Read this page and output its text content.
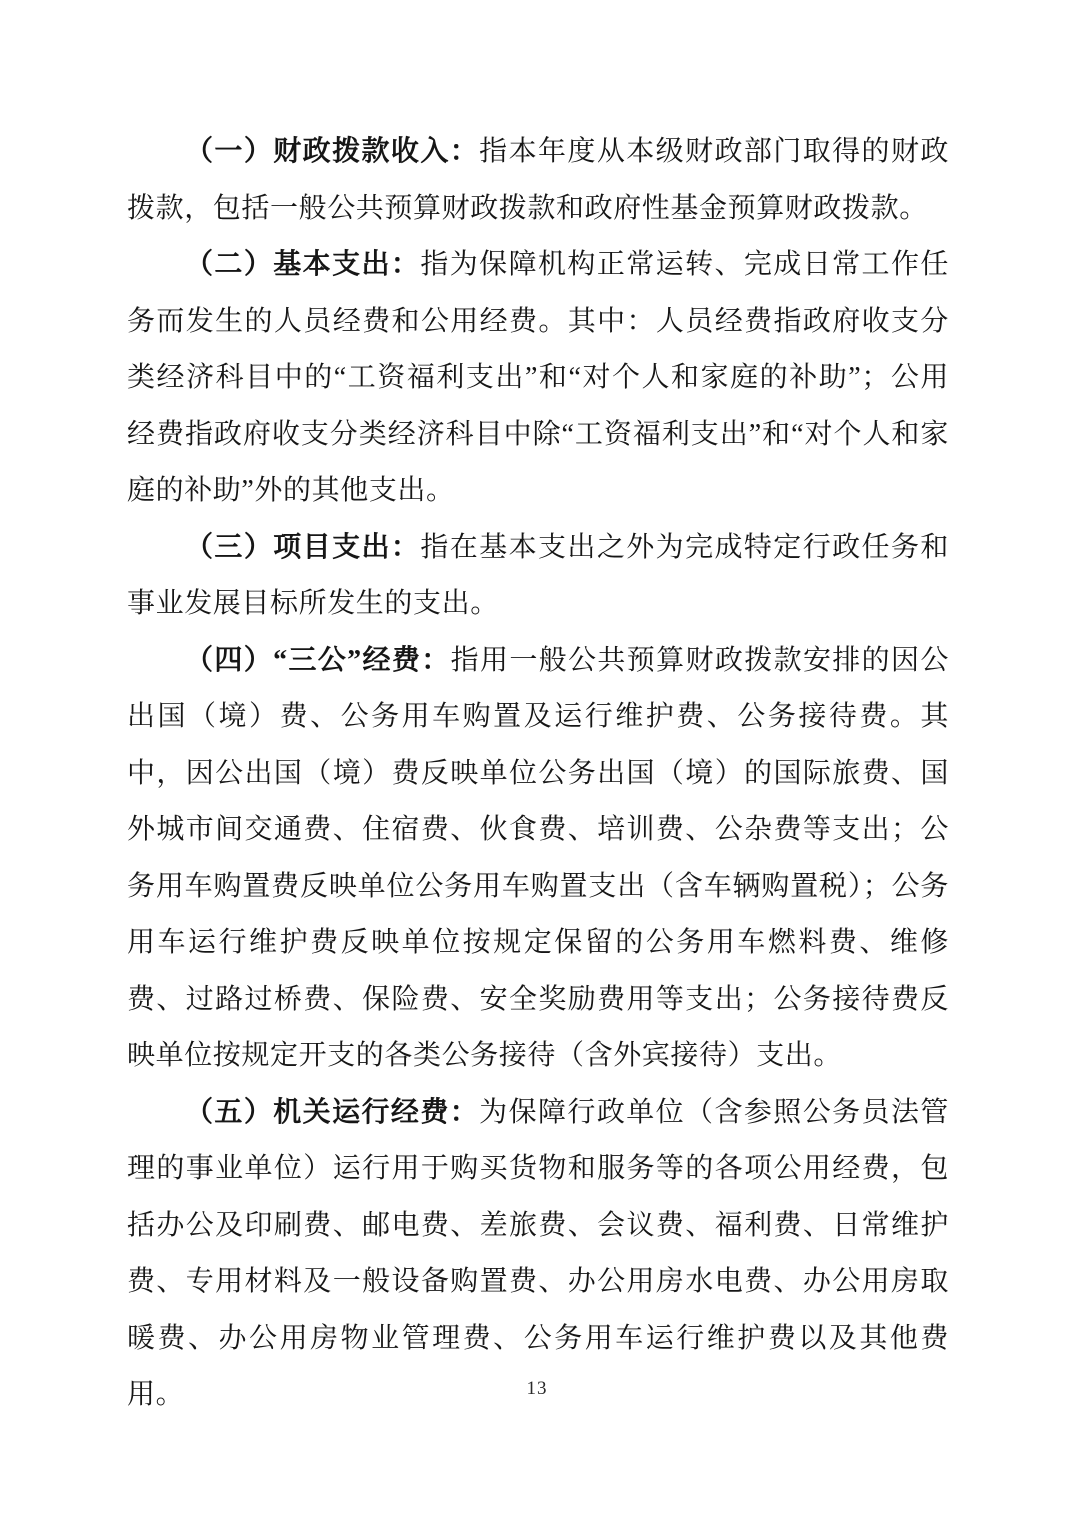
（一）财政拨款收入：指本年度从本级财政部门取得的财政拨款，包括一般公共预算财政拨款和政府性基金预算财政拨款。

（二）基本支出：指为保障机构正常运转、完成日常工作任务而发生的人员经费和公用经费。其中：人员经费指政府收支分类经济科目中的“工资福利支出”和“对个人和家庭的补助”；公用经费指政府收支分类经济科目中除“工资福利支出”和“对个人和家庭的补助”外的其他支出。

（三）项目支出：指在基本支出之外为完成特定行政任务和事业发展目标所发生的支出。

（四）“三公”经费：指用一般公共预算财政拨款安排的因公出国（境）费、公务用车购置及运行维护费、公务接待费。其中，因公出国（境）费反映单位公务出国（境）的国际旅费、国外城市间交通费、住宿费、伙食费、培训费、公杂费等支出；公务用车购置费反映单位公务用车购置支出（含车辆购置税）；公务用车运行维护费反映单位按规定保留的公务用车燃料费、维修费、过路过桥费、保险费、安全奖励费用等支出；公务接待费反映单位按规定开支的各类公务接待（含外宾接待）支出。

（五）机关运行经费：为保障行政单位（含参照公务员法管理的事业单位）运行用于购买货物和服务等的各项公用经费，包括办公及印刷费、邮电费、差旅费、会议费、福利费、日常维护费、专用材料及一般设备购置费、办公用房水电费、办公用房取暖费、办公用房物业管理费、公务用车运行维护费以及其他费用。	13
